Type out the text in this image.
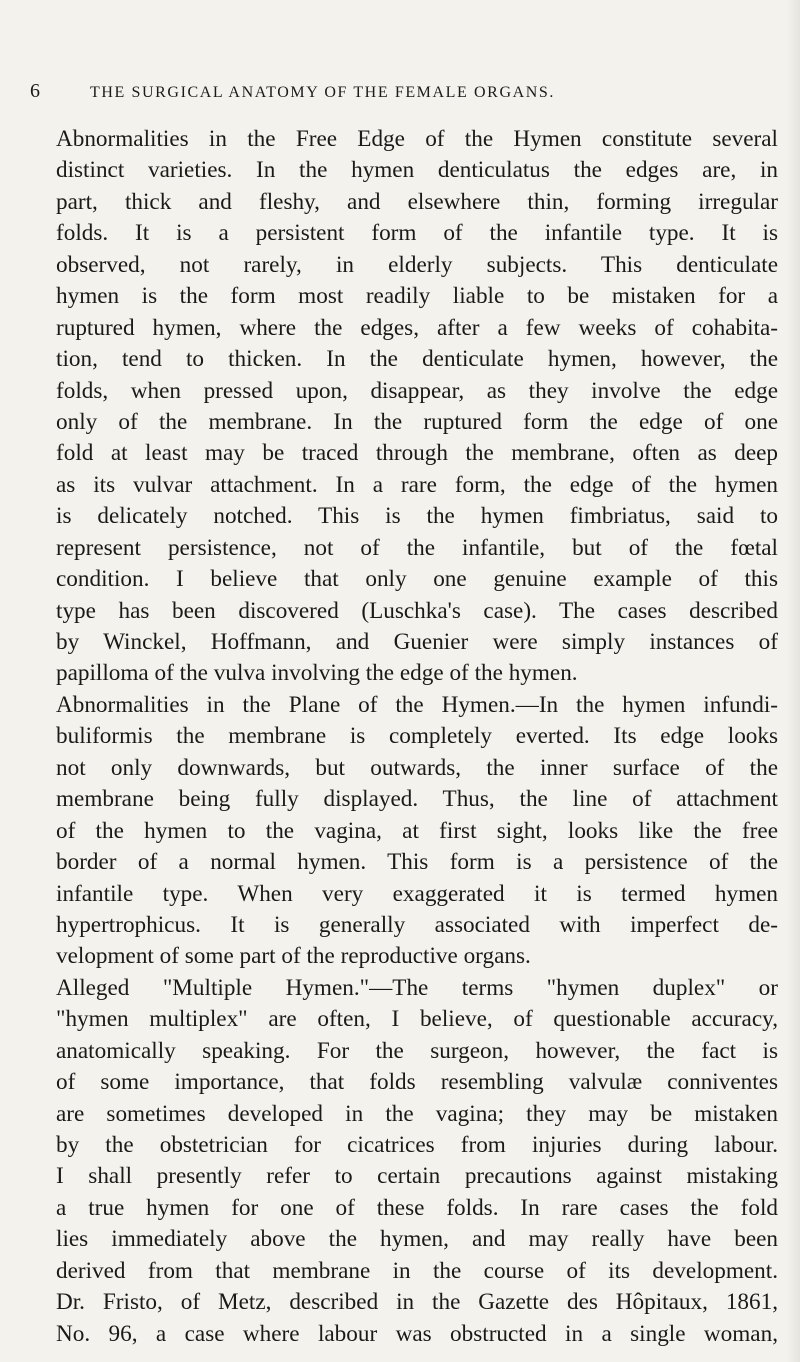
6	THE SURGICAL ANATOMY OF THE FEMALE ORGANS.
Abnormalities in the Free Edge of the Hymen constitute several
distinct varieties. In the hymen denticulatus the edges are, in
part, thick and fleshy, and elsewhere thin, forming irregular
folds. It is a persistent form of the infantile type. It is
observed, not rarely, in elderly subjects. This denticulate
hymen is the form most readily liable to be mistaken for a
ruptured hymen, where the edges, after a few weeks of cohabita-
tion, tend to thicken. In the denticulate hymen, however, the
folds, when pressed upon, disappear, as they involve the edge
only of the membrane. In the ruptured form the edge of one
fold at least may be traced through the membrane, often as deep
as its vulvar attachment. In a rare form, the edge of the hymen
is delicately notched. This is the hymen fimbriatus, said to
represent persistence, not of the infantile, but of the fœtal
condition. I believe that only one genuine example of this
type has been discovered (Luschka's case). The cases described
by Winckel, Hoffmann, and Guenier were simply instances of
papilloma of the vulva involving the edge of the hymen.
Abnormalities in the Plane of the Hymen.—In the hymen infundi-
buliformis the membrane is completely everted. Its edge looks
not only downwards, but outwards, the inner surface of the
membrane being fully displayed. Thus, the line of attachment
of the hymen to the vagina, at first sight, looks like the free
border of a normal hymen. This form is a persistence of the
infantile type. When very exaggerated it is termed hymen
hypertrophicus. It is generally associated with imperfect de-
velopment of some part of the reproductive organs.
Alleged "Multiple Hymen."—The terms "hymen duplex" or
"hymen multiplex" are often, I believe, of questionable accuracy,
anatomically speaking. For the surgeon, however, the fact is
of some importance, that folds resembling valvulæ conniventes
are sometimes developed in the vagina; they may be mistaken
by the obstetrician for cicatrices from injuries during labour.
I shall presently refer to certain precautions against mistaking
a true hymen for one of these folds. In rare cases the fold
lies immediately above the hymen, and may really have been
derived from that membrane in the course of its development.
Dr. Fristo, of Metz, described in the Gazette des Hôpitaux, 1861,
No. 96, a case where labour was obstructed in a single woman,
